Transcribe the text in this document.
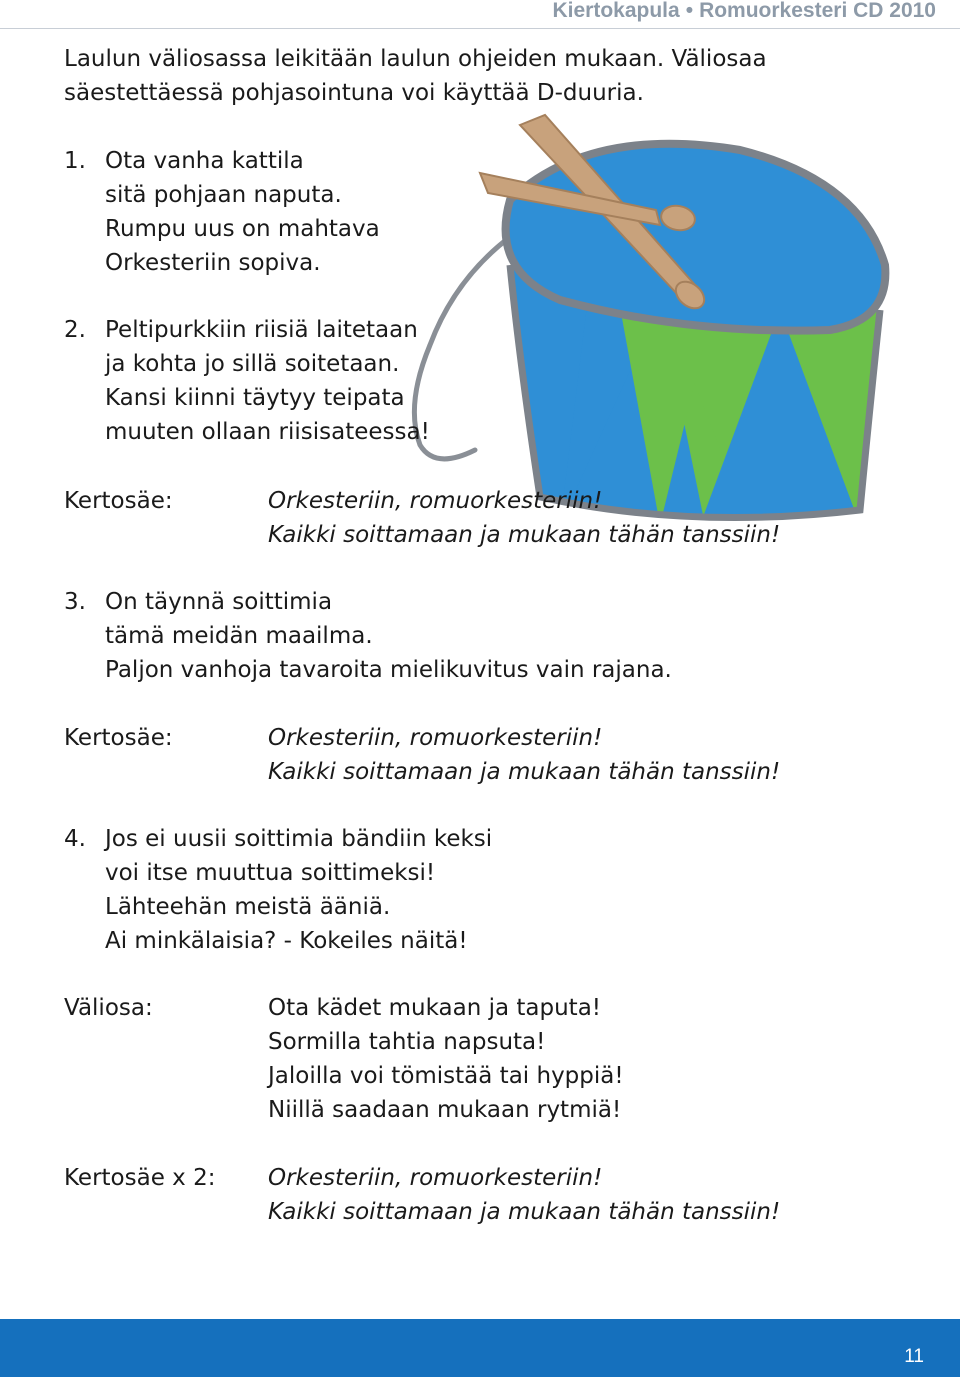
Kiertokapula • Romuorkesteri CD 2010
Laulun väliosassa leikitään laulun ohjeiden mukaan. Väliosaa
säestettäessä pohjasointuna voi käyttää D-duuria.
1. Ota vanha kattila
sitä pohjaan naputa.
Rumpu uus on mahtava
Orkesteriin sopiva.
2. Peltipurkkiin riisiä laitetaan
ja kohta jo sillä soitetaan.
Kansi kiinni täytyy teipata
muuten ollaan riisisateessa!
Kertosäe:	Orkesteriin, romuorkesteriin!
Kaikki soittamaan ja mukaan tähän tanssiin!
3. On täynnä soittimia
tämä meidän maailma.
Paljon vanhoja tavaroita mielikuvitus vain rajana.
Kertosäe:	Orkesteriin, romuorkesteriin!
Kaikki soittamaan ja mukaan tähän tanssiin!
4. Jos ei uusii soittimia bändiin keksi
voi itse muuttua soittimeksi!
Lähteehän meistä ääniä.
Ai minkälaisia? - Kokeiles näitä!
Väliosa:	Ota kädet mukaan ja taputa!
Sormilla tahtia napsuta!
Jaloilla voi tömistää tai hyppiä!
Niillä saadaan mukaan rytmiä!
Kertosäe x 2: Orkesteriin, romuorkesteriin!
Kaikki soittamaan ja mukaan tähän tanssiin!
11
